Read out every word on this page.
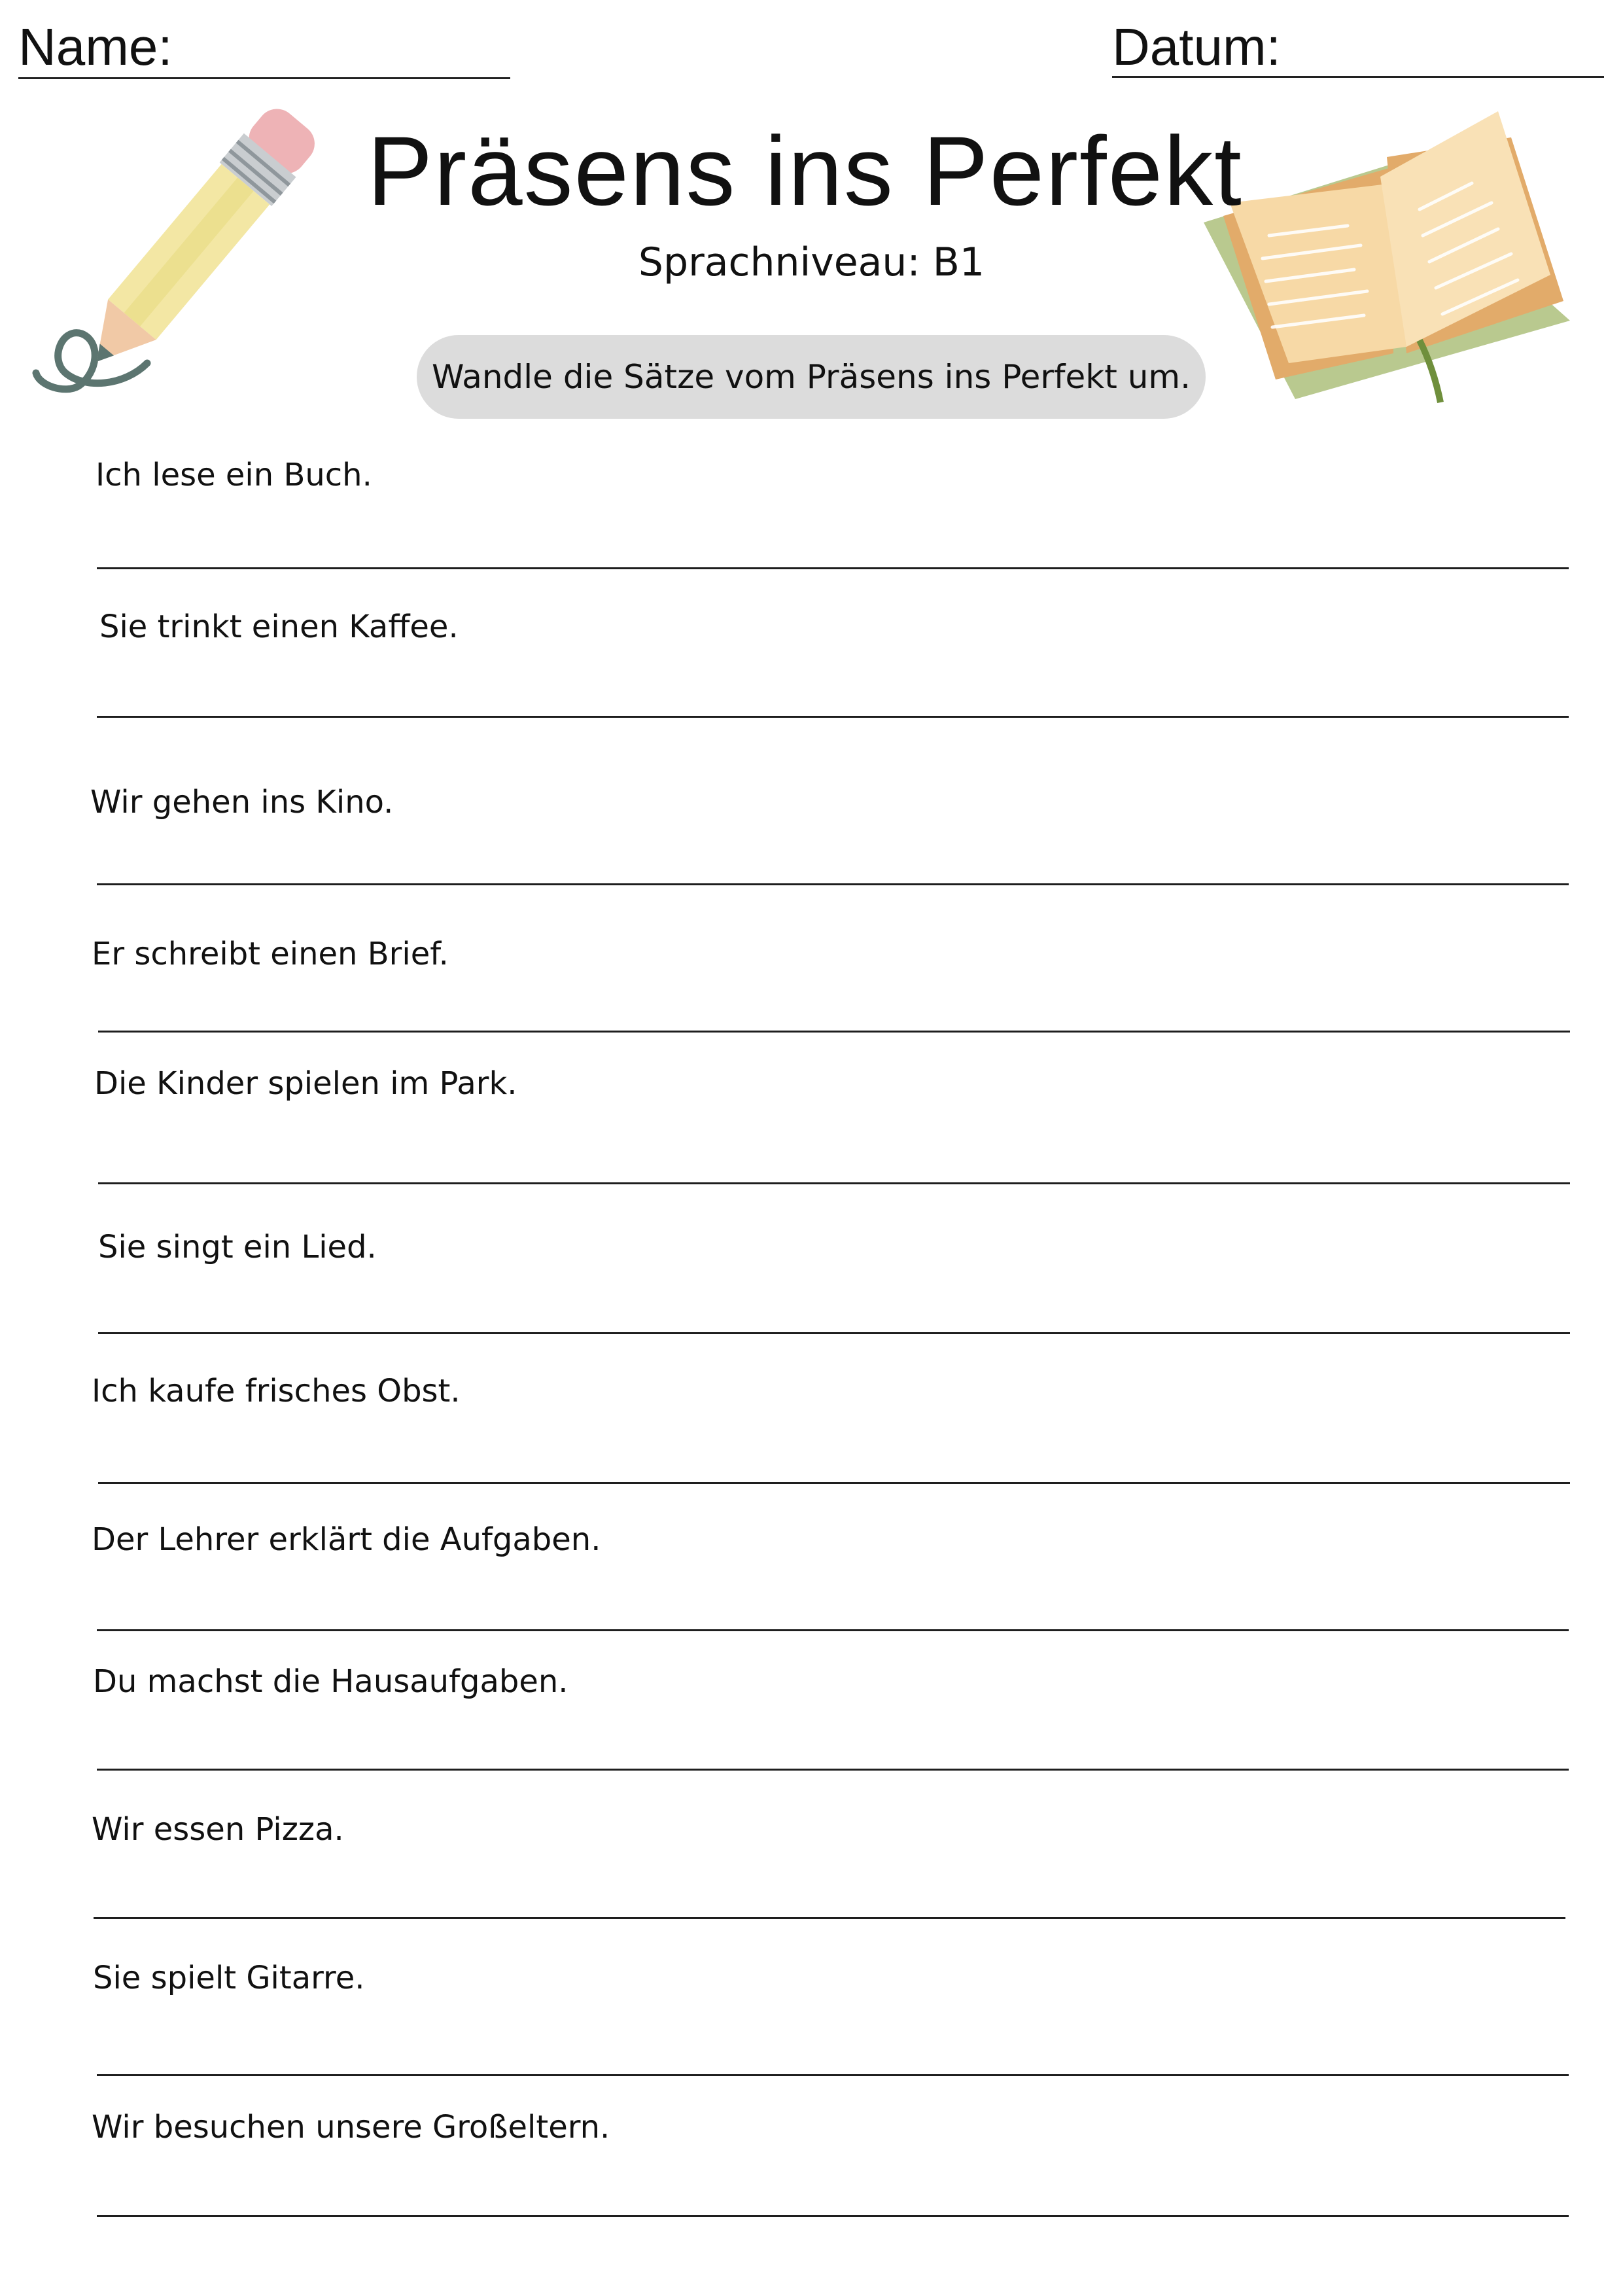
Name:	Datum:
Präsens ins Perfekt
Sprachniveau: B1
Wandle die Sätze vom Präsens ins Perfekt um.
Ich lese ein Buch.
Sie trinkt einen Kaffee.
Wir gehen ins Kino.
Er schreibt einen Brief.
Die Kinder spielen im Park.
Sie singt ein Lied.
Ich kaufe frisches Obst.
Der Lehrer erklärt die Aufgaben.
Du machst die Hausaufgaben.
Wir essen Pizza.
Sie spielt Gitarre.
Wir besuchen unsere Großeltern.
